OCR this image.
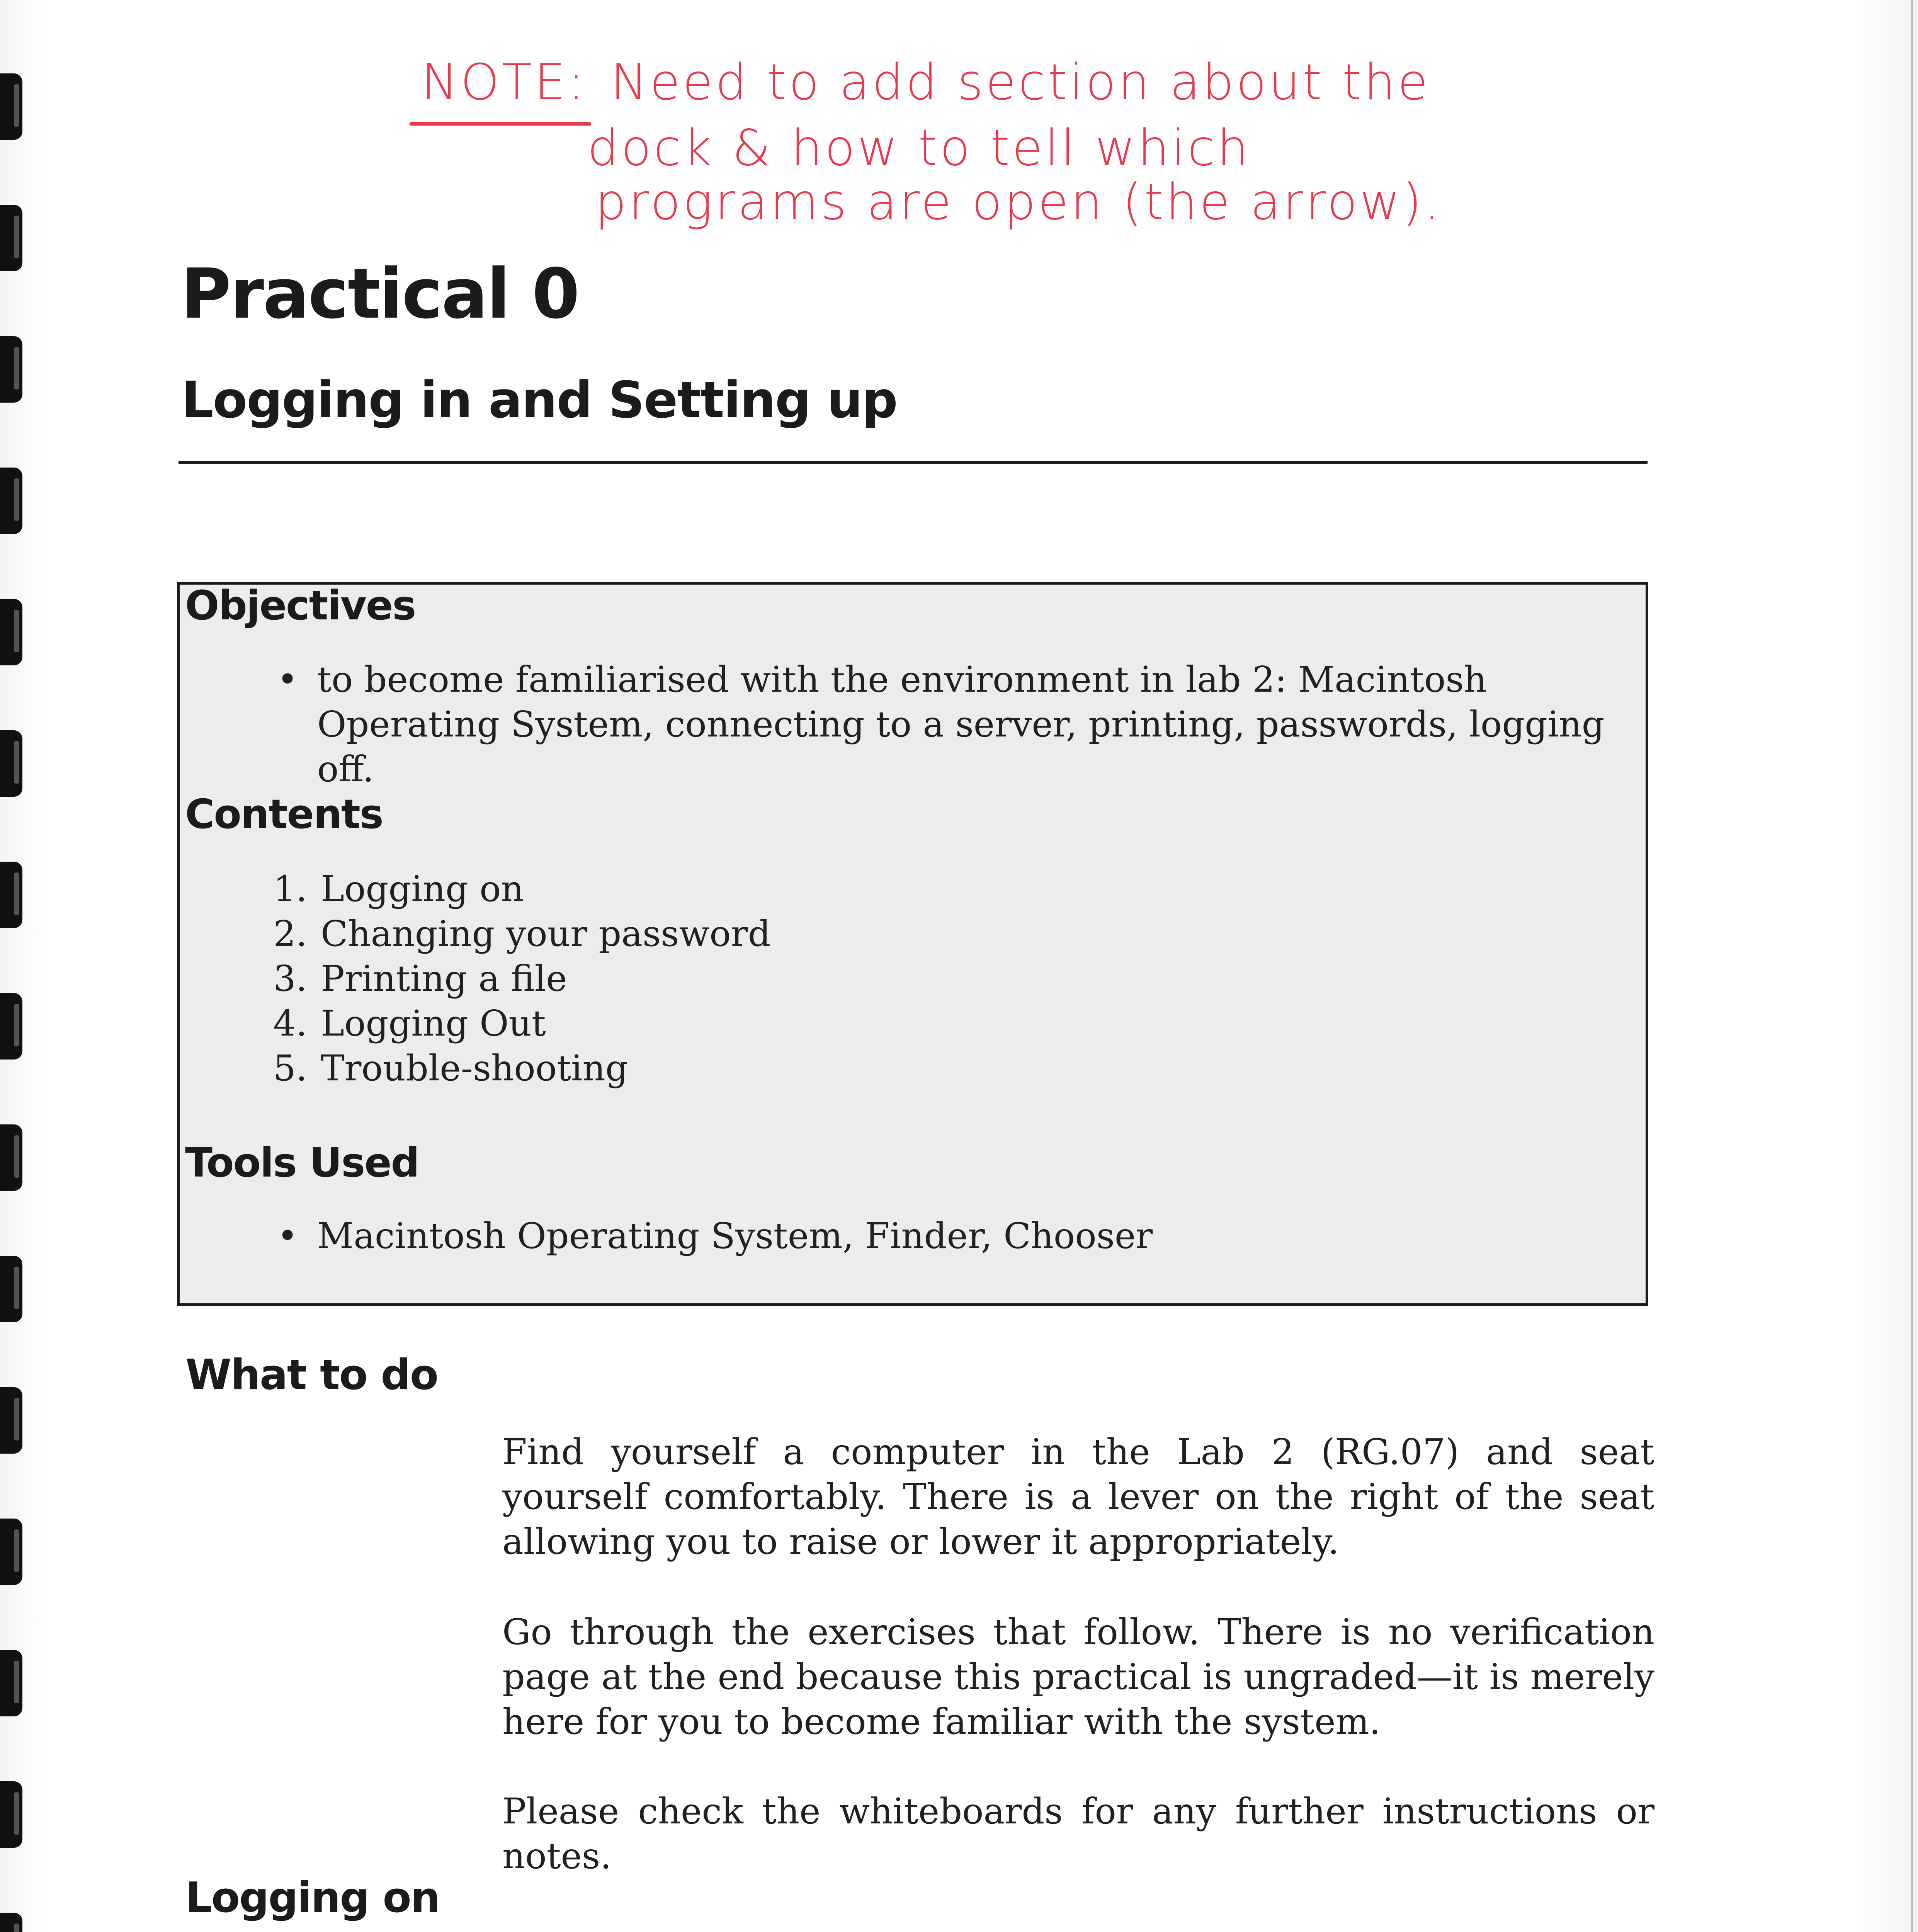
NOTE: Need to add section about the
dock & how to tell which
programs are open (the arrow).
Practical 0
Logging in and Setting up
Objectives
• to become familiarised with the environment in lab 2: Macintosh Operating System, connecting to a server, printing, passwords, logging off.

Contents
1. Logging on
2. Changing your password
3. Printing a file
4. Logging Out
5. Trouble-shooting
Tools Used
• Macintosh Operating System, Finder, Chooser
What to do

Find yourself a computer in the Lab 2 (RG.07) and seat yourself comfortably. There is a lever on the right of the seat allowing you to raise or lower it appropriately.

Go through the exercises that follow. There is no verification page at the end because this practical is ungraded—it is merely here for you to become familiar with the system.

Please check the whiteboards for any further instructions or notes.

Logging on
